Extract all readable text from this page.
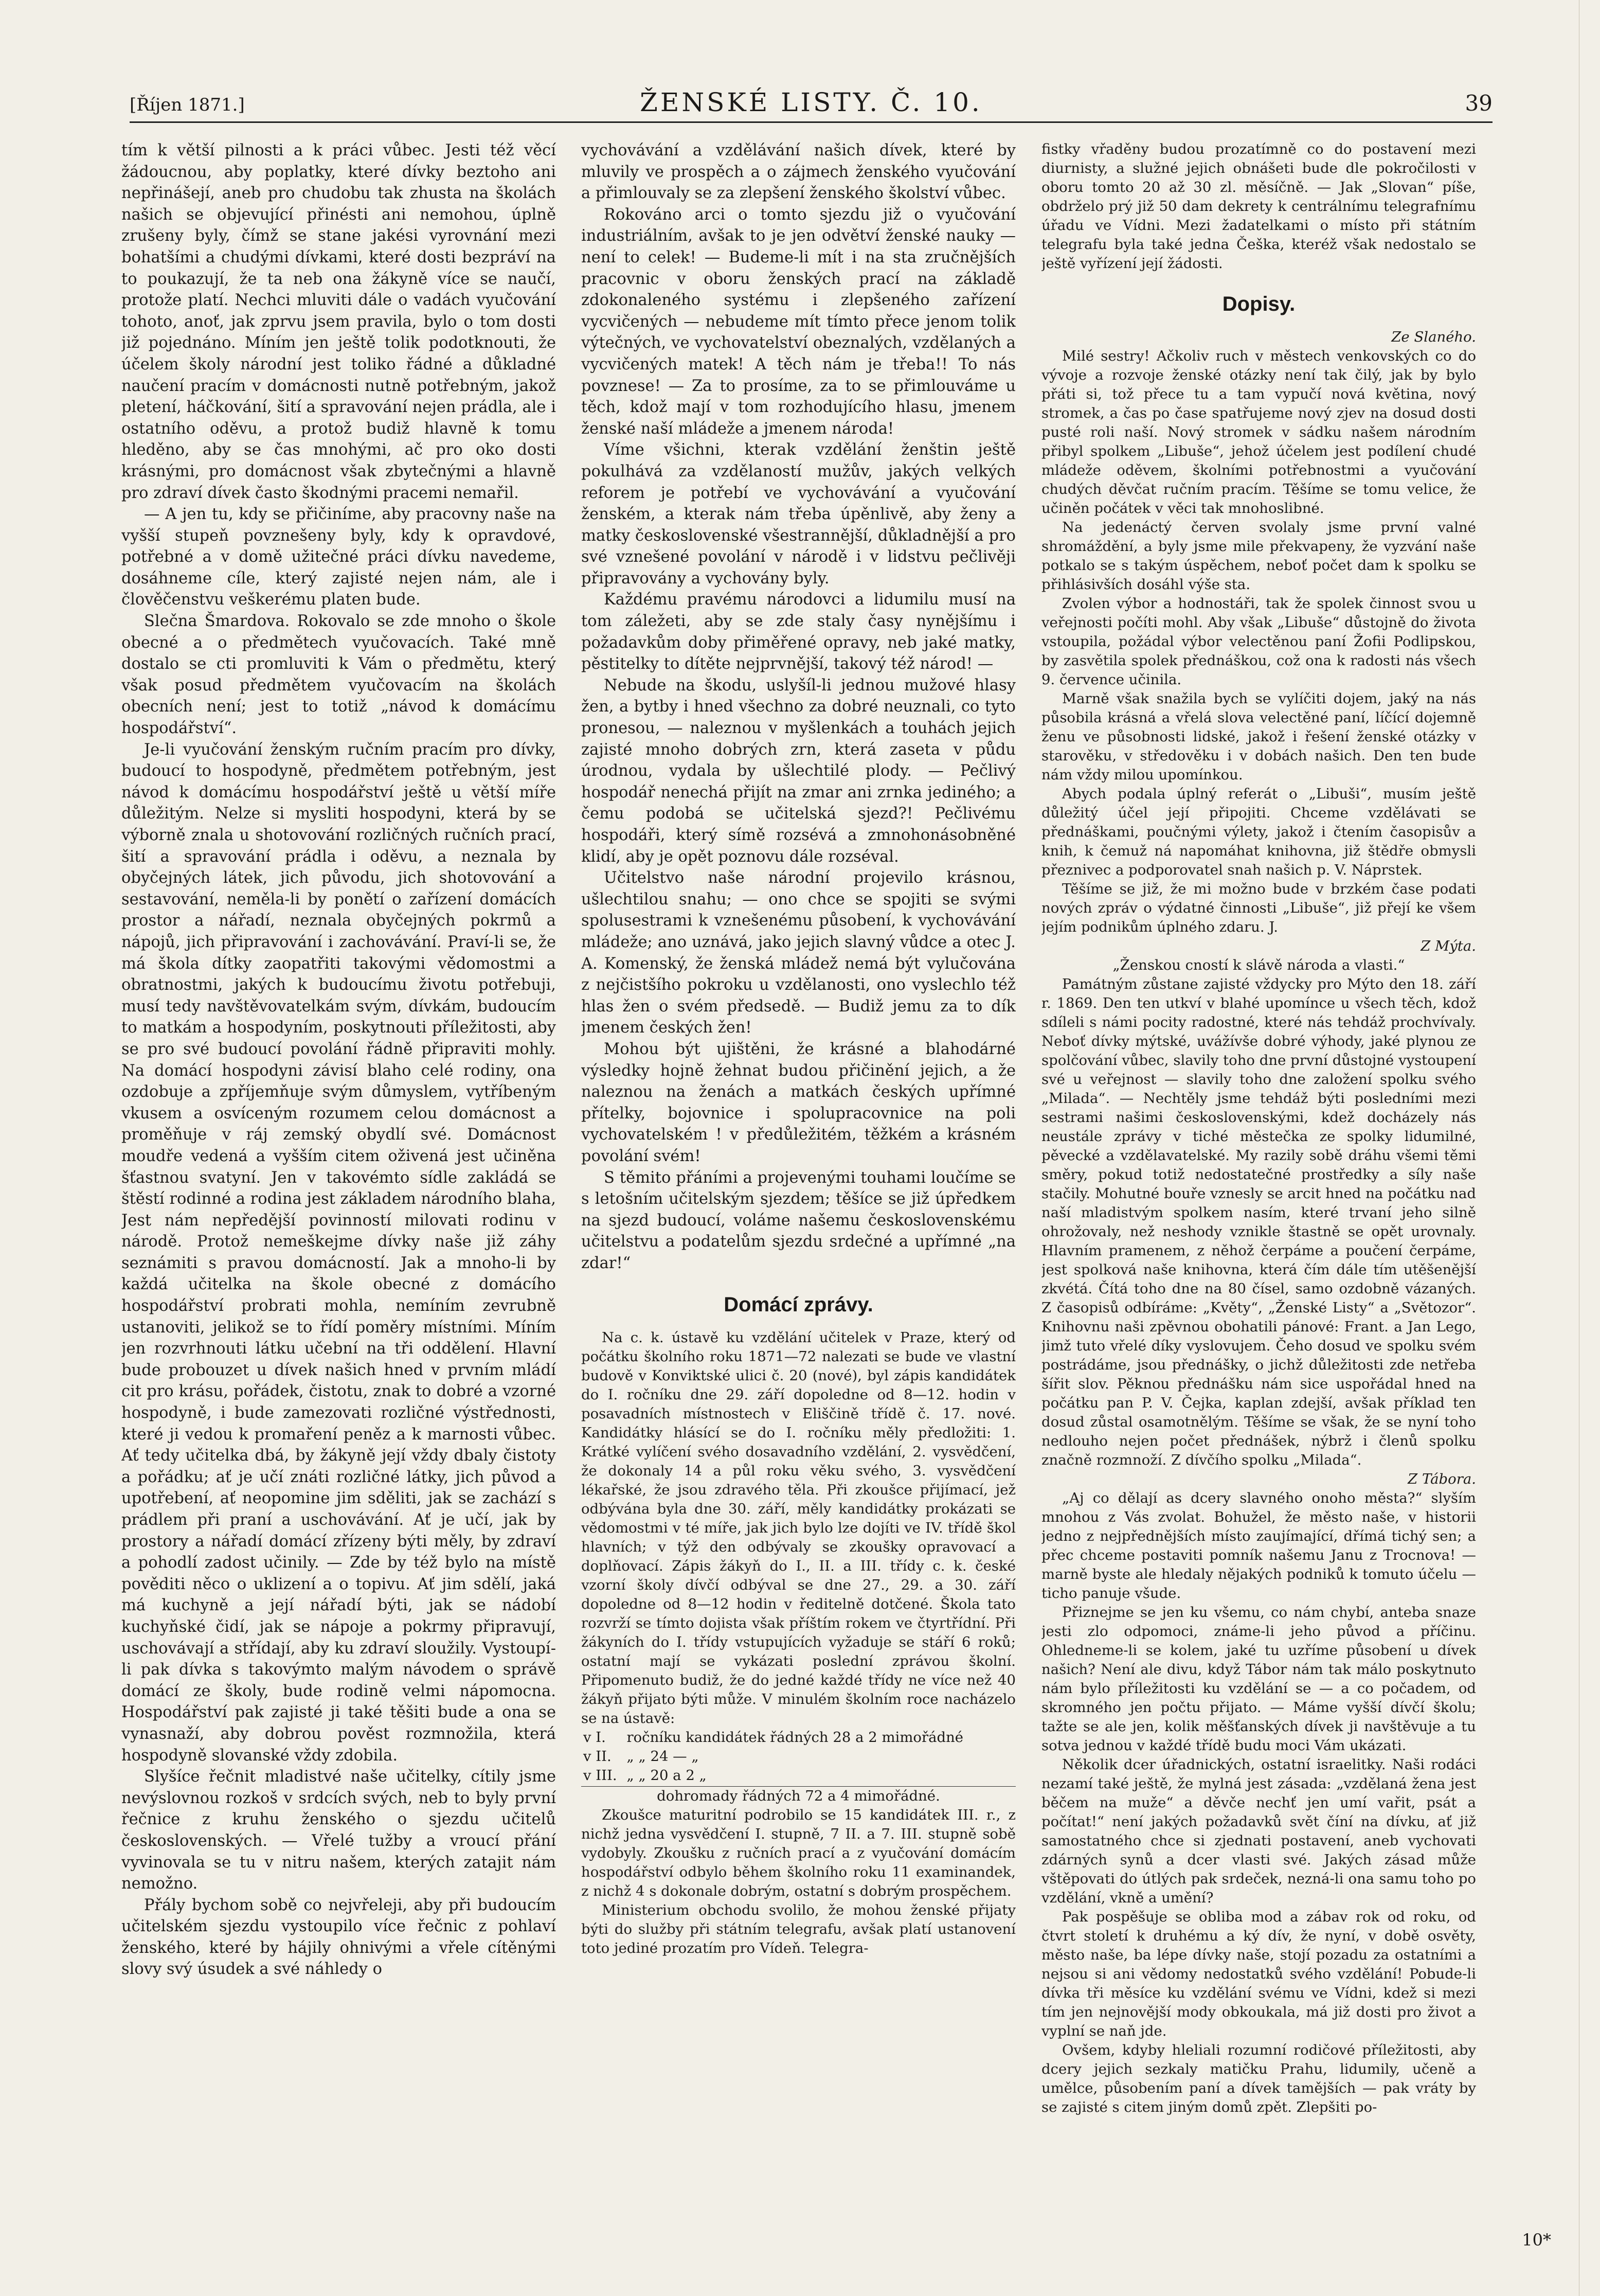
[Říjen 1871.]	ŽENSKÉ LISTY. Č. 10.	39

tím k větší pilnosti a k práci vůbec. Jesti též věcí žádoucnou, aby poplatky, které dívky beztoho ani nepřinášejí, aneb pro chudobu tak zhusta na školách našich se objevující přinésti ani nemohou, úplně zrušeny byly, čímž se stane jakési vyrovnání mezi bohatšími a chudými dívkami, které dosti bezpráví na to poukazují, že ta neb ona žákyně více se naučí, protože platí. Nechci mluviti dále o vadách vyučování tohoto, anoť, jak zprvu jsem pravila, bylo o tom dosti již pojednáno. Míním jen ještě tolik podotknouti, že účelem školy národní jest toliko řádné a důkladné naučení pracím v domácnosti nutně potřebným, jakož pletení, háčkování, šití a spravování nejen prádla, ale i ostatního oděvu, a protož budiž hlavně k tomu hleděno, aby se čas mnohými, ač pro oko dosti krásnými, pro domácnost však zbytečnými a hlavně pro zdraví dívek často škodnými pracemi nemařil.

— A jen tu, kdy se přičiníme, aby pracovny naše na vyšší stupeň povznešeny byly, kdy k opravdové, potřebné a v domě užitečné práci dívku navedeme, dosáhneme cíle, který zajisté nejen nám, ale i člověčenstvu veškerému platen bude.

Slečna Šmardova. Rokovalo se zde mnoho o škole obecné a o předmětech vyučovacích. Také mně dostalo se cti promluviti k Vám o předmětu, který však posud předmětem vyučovacím na školách obecních není; jest to totiž „návod k domácímu hospodářství“.

Je-li vyučování ženským ručním pracím pro dívky, budoucí to hospodyně, předmětem potřebným, jest návod k domácímu hospodářství ještě u větší míře důležitým. Nelze si mysliti hospodyni, která by se výborně znala u shotovování rozličných ručních prací, šití a spravování prádla i oděvu, a neznala by obyčejných látek, jich původu, jich shotovování a sestavování, neměla-li by ponětí o zařízení domácích prostor a nářadí, neznala obyčejných pokrmů a nápojů, jich připravování i zachovávání. Praví-li se, že má škola dítky zaopatřiti takovými vědomostmi a obratnostmi, jakých k budoucímu životu potřebuji, musí tedy navštěvovatelkám svým, dívkám, budoucím to matkám a hospodyním, poskytnouti příležitosti, aby se pro své budoucí povolání řádně připraviti mohly. Na domácí hospodyni závisí blaho celé rodiny, ona ozdobuje a zpříjemňuje svým důmyslem, vytříbeným vkusem a osvíceným rozumem celou domácnost a proměňuje v ráj zemský obydlí své. Domácnost moudře vedená a vyšším citem oživená jest učiněna šťastnou svatyní. Jen v takovémto sídle zakládá se štěstí rodinné a rodina jest základem národního blaha, Jest nám nepředější povinností milovati rodinu v národě. Protož nemeškejme dívky naše již záhy seznámiti s pravou domácností. Jak a mnoho-li by každá učitelka na škole obecné z domácího hospodářství probrati mohla, nemíním zevrubně ustanoviti, jelikož se to řídí poměry místními. Míním jen rozvrhnouti látku učební na tři oddělení. Hlavní bude probouzet u dívek našich hned v prvním mládí cit pro krásu, pořádek, čistotu, znak to dobré a vzorné hospodyně, i bude zamezovati rozličné výstřednosti, které ji vedou k promaření peněz a k marnosti vůbec. Ať tedy učitelka dbá, by žákyně její vždy dbaly čistoty a pořádku; ať je učí znáti rozličné látky, jich původ a upotřebení, ať neopomine jim sděliti, jak se zachází s prádlem při praní a uschovávání. Ať je učí, jak by prostory a nářadí domácí zřízeny býti měly, by zdraví a pohodlí zadost učinily. — Zde by též bylo na místě pověditi něco o uklizení a o topivu. Ať jim sdělí, jaká má kuchyně a její nářadí býti, jak se nádobí kuchyňské čidí, jak se nápoje a pokrmy připravují, uschovávají a střídají, aby ku zdraví sloužily. Vystoupí-li pak dívka s takovýmto malým návodem o správě domácí ze školy, bude rodině velmi nápomocna. Hospodářství pak zajisté ji také těšiti bude a ona se vynasnaží, aby dobrou pověst rozmnožila, která hospodyně slovanské vždy zdobila.

Slyšíce řečnit mladistvé naše učitelky, cítily jsme nevýslovnou rozkoš v srdcích svých, neb to byly první řečnice z kruhu ženského o sjezdu učitelů československých. — Vřelé tužby a vroucí přání vyvinovala se tu v nitru našem, kterých zatajit nám nemožno.

Přály bychom sobě co nejvřeleji, aby při budoucím učitelském sjezdu vystoupilo více řečnic z pohlaví ženského, které by hájily ohnivými a vřele cítěnými slovy svý úsudek a své náhledy o

vychovávání a vzdělávání našich dívek, které by mluvily ve prospěch a o zájmech ženského vyučování a přimlouvaly se za zlepšení ženského školství vůbec.

Rokováno arci o tomto sjezdu již o vyučování industriálním, avšak to je jen odvětví ženské nauky — není to celek! — Budeme-li mít i na sta zručnějších pracovnic v oboru ženských prací na základě zdokonaleného systému i zlepšeného zařízení vycvičených — nebudeme mít tímto přece jenom tolik výtečných, ve vychovatelství obeznalých, vzdělaných a vycvičených matek! A těch nám je třeba!! To nás povznese! — Za to prosíme, za to se přimlouváme u těch, kdož mají v tom rozhodujícího hlasu, jmenem ženské naší mládeže a jmenem národa!

Víme všichni, kterak vzdělání ženštin ještě pokulhává za vzdělaností mužův, jakých velkých reforem je potřebí ve vychovávání a vyučování ženském, a kterak nám třeba úpěnlivě, aby ženy a matky československé všestrannější, důkladnější a pro své vznešené povolání v národě i v lidstvu pečlivěji připravovány a vychovány byly.

Každému pravému národovci a lidumilu musí na tom záležeti, aby se zde staly časy nynějšímu i požadavkům doby přiměřené opravy, neb jaké matky, pěstitelky to dítěte nejprvnější, takový též národ! —

Nebude na škodu, uslyšíl-li jednou mužové hlasy žen, a bytby i hned všechno za dobré neuznali, co tyto pronesou, — naleznou v myšlenkách a touhách jejich zajisté mnoho dobrých zrn, která zaseta v půdu úrodnou, vydala by ušlechtilé plody. — Pečlivý hospodář nenechá přijít na zmar ani zrnka jediného; a čemu podobá se učitelská sjezd?! Pečlivému hospodáři, který símě rozsévá a zmnohonásobněné klidí, aby je opět poznovu dále rozséval.

Učitelstvo naše národní projevilo krásnou, ušlechtilou snahu; — ono chce se spojiti se svými spolusestrami k vznešenému působení, k vychovávání mládeže; ano uznává, jako jejich slavný vůdce a otec J. A. Komenský, že ženská mládež nemá být vylučována z nejčistšího pokroku u vzdělanosti, ono vyslechlo též hlas žen o svém předsedě. — Budiž jemu za to dík jmenem českých žen!

Mohou být ujištěni, že krásné a blahodárné výsledky hojně žehnat budou přičinění jejich, a že naleznou na ženách a matkách českých upřímné přítelky, bojovnice i spolupracovnice na poli vychovatelském ! v předůležitém, těžkém a krásném povolání svém!

S těmito přáními a projevenými touhami loučíme se s letošním učitelským sjezdem; těšíce se již úpředkem na sjezd budoucí, voláme našemu československému učitelstvu a podatelům sjezdu srdečné a upřímné „na zdar!“

Domácí zprávy.

Na c. k. ústavě ku vzdělání učitelek v Praze, který od počátku školního roku 1871—72 nalezati se bude ve vlastní budově v Konviktské ulici č. 20 (nové), byl zápis kandidátek do I. ročníku dne 29. září dopoledne od 8—12. hodin v posavadních místnostech v Eliščině třídě č. 17. nové. Kandidátky hlásící se do I. ročníku měly předložiti: 1. Krátké vylíčení svého dosavadního vzdělání, 2. vysvědčení, že dokonaly 14 a půl roku věku svého, 3. vysvědčení lékařské, že jsou zdravého těla. Při zkoušce přijímací, jež odbývána byla dne 30. září, měly kandidátky prokázati se vědomostmi v té míře, jak jich bylo lze dojíti ve IV. třídě škol hlavních; v týž den odbývaly se zkoušky opravovací a doplňovací. Zápis žákyň do I., II. a III. třídy c. k. české vzorní školy dívčí odbýval se dne 27., 29. a 30. září dopoledne od 8—12 hodin v ředitelně dotčené. Škola tato rozvrží se tímto dojista však příštím rokem ve čtyrtřídní. Při žákyních do I. třídy vstupujících vyžaduje se stáří 6 roků; ostatní mají se vykázati poslední zprávou školní. Připomenuto budiž, že do jedné každé třídy ne více než 40 žákyň přijato býti může. V minulém školním roce nacházelo se na ústavě:

v I.	ročníku kandidátek řádných 28 a 2 mimořádné
v II.	„ „ 24 — „
v III.	„ „ 20 a 2 „

dohromady řádných 72 a 4 mimořádné.

Zkoušce maturitní podrobilo se 15 kandidátek III. r., z nichž jedna vysvědčení I. stupně, 7 II. a 7. III. stupně sobě vydobyly. Zkoušku z ručních prací a z vyučování domácím hospodářství odbylo během školního roku 11 examinandek, z nichž 4 s dokonale dobrým, ostatní s dobrým prospěchem.

Ministerium obchodu svolilo, že mohou ženské přijaty býti do služby při státním telegrafu, avšak platí ustanovení toto jediné prozatím pro Vídeň. Telegra-

fistky vřaděny budou prozatímně co do postavení mezi diurnisty, a služné jejich obnášeti bude dle pokročilosti v oboru tomto 20 až 30 zl. měsíčně. — Jak „Slovan“ píše, obdrželo prý již 50 dam dekrety k centrálnímu telegrafnímu úřadu ve Vídni. Mezi žadatelkami o místo při státním telegrafu byla také jedna Češka, kteréž však nedostalo se ještě vyřízení její žádosti.

Dopisy.

Ze Slaného.

Milé sestry! Ačkoliv ruch v městech venkovských co do vývoje a rozvoje ženské otázky není tak čilý, jak by bylo přáti si, tož přece tu a tam vypučí nová květina, nový stromek, a čas po čase spatřujeme nový zjev na dosud dosti pusté roli naší. Nový stromek v sádku našem národním přibyl spolkem „Libuše“, jehož účelem jest podílení chudé mládeže oděvem, školními potřebnostmi a vyučování chudých děvčat ručním pracím. Těšíme se tomu velice, že učiněn počátek v věci tak mnohoslibné.

Na jedenáctý červen svolaly jsme první valné shromáždění, a byly jsme mile překvapeny, že vyzvání naše potkalo se s takým úspěchem, neboť počet dam k spolku se přihlásivších dosáhl výše sta.

Zvolen výbor a hodnostáři, tak že spolek činnost svou u veřejnosti počíti mohl. Aby však „Libuše“ důstojně do života vstoupila, požádal výbor velectěnou paní Žofii Podlipskou, by zasvětila spolek přednáškou, což ona k radosti nás všech 9. července učinila.

Marně však snažila bych se vylíčiti dojem, jaký na nás působila krásná a vřelá slova velectěné paní, líčící dojemně ženu ve působnosti lidské, jakož i řešení ženské otázky v starověku, v středověku i v dobách našich. Den ten bude nám vždy milou upomínkou.

Abych podala úplný referát o „Libuši“, musím ještě důležitý účel její připojiti. Chceme vzdělávati se přednáškami, poučnými výlety, jakož i čtením časopisův a knih, k čemuž ná napomáhat knihovna, již štědře obmysli přeznivec a podporovatel snah našich p. V. Náprstek.

Těšíme se již, že mi možno bude v brzkém čase podati nových zpráv o výdatné činnosti „Libuše“, již přejí ke všem jejím podnikům úplného zdaru. J.

Z Mýta.

„Ženskou cností k slávě národa a vlasti.“

Památným zůstane zajisté vždycky pro Mýto den 18. září r. 1869. Den ten utkví v blahé upomínce u všech těch, kdož sdíleli s námi pocity radostné, které nás tehdáž prochvívaly. Neboť dívky mýtské, uvážívše dobré výhody, jaké plynou ze spolčování vůbec, slavily toho dne první důstojné vystoupení své u veřejnost — slavily toho dne založení spolku svého „Milada“. — Nechtěly jsme tehdáž býti posledními mezi sestrami našimi československými, kdež docházely nás neustále zprávy v tiché městečka ze spolky lidumilné, pěvecké a vzdělavatelské. My razily sobě dráhu všemi těmi směry, pokud totiž nedostatečné prostředky a síly naše stačily. Mohutné bouře vznesly se arcit hned na počátku nad naší mladistvým spolkem nasím, které trvaní jeho silně ohrožovaly, než neshody vznikle štastně se opět urovnaly. Hlavním pramenem, z něhož čerpáme a poučení čerpáme, jest spolková naše knihovna, která čím dále tím utěšenější zkvétá. Čítá toho dne na 80 čísel, samo ozdobně vázaných. Z časopisů odbíráme: „Květy“, „Ženské Listy“ a „Světozor“. Knihovnu naši zpěvnou obohatili pánové: Frant. a Jan Lego, jimž tuto vřelé díky vyslovujem. Čeho dosud ve spolku svém postrádáme, jsou přednášky, o jichž důležitosti zde netřeba šířit slov. Pěknou přednášku nám sice uspořádal hned na počátku pan P. V. Čejka, kaplan zdejší, avšak příklad ten dosud zůstal osamotnělým. Těšíme se však, že se nyní toho nedlouho nejen počet přednášek, nýbrž i členů spolku značně rozmnoží. Z dívčího spolku „Milada“.

Z Tábora.

„Aj co dělají as dcery slavného onoho města?“ slyším mnohou z Vás zvolat. Bohužel, že město naše, v historii jedno z nejpřednějších místo zaujímající, dřímá tichý sen; a přec chceme postaviti pomník našemu Janu z Trocnova! — marně byste ale hledaly nějakých podniků k tomuto účelu — ticho panuje všude.

Přiznejme se jen ku všemu, co nám chybí, anteba snaze jesti zlo odpomoci, známe-li jeho původ a příčinu. Ohledneme-li se kolem, jaké tu uzříme působení u dívek našich? Není ale divu, když Tábor nám tak málo poskytnuto nám bylo příležitosti ku vzdělání se — a co počadem, od skromného jen počtu přijato. — Máme vyšší dívčí školu; tažte se ale jen, kolik měšťanských dívek ji navštěvuje a tu sotva jednou v každé třídě budu moci Vám ukázati.

Několik dcer úřadnických, ostatní israelitky. Naši rodáci nezamí také ještě, že mylná jest zásada: „vzdělaná žena jest běčem na muže“ a děvče nechť jen umí vařit, psát a počítat!“ není jakých požadavků svět číní na dívku, ať již samostatného chce si zjednati postavení, aneb vychovati zdárných synů a dcer vlasti své. Jakých zásad může vštěpovati do útlých pak srdeček, nezná-li ona samu toho po vzdělání, vkně a umění?

Pak pospěšuje se obliba mod a zábav rok od roku, od čtvrt století k druhému a ký dív, že nyní, v době osvěty, město naše, ba lépe dívky naše, stojí pozadu za ostatními a nejsou si ani vědomy nedostatků svého vzdělání! Pobude-li dívka tři měsíce ku vzdělání svému ve Vídni, kdež si mezi tím jen nejnovější mody obkoukala, má již dosti pro život a vyplní se naň jde.

Ovšem, kdyby hleliali rozumní rodičové příležitosti, aby dcery jejich sezkaly matičku Prahu, lidumily, učeně a umělce, působením paní a dívek tamějších — pak vráty by se zajisté s citem jiným domů zpět. Zlepšiti po-

10*
